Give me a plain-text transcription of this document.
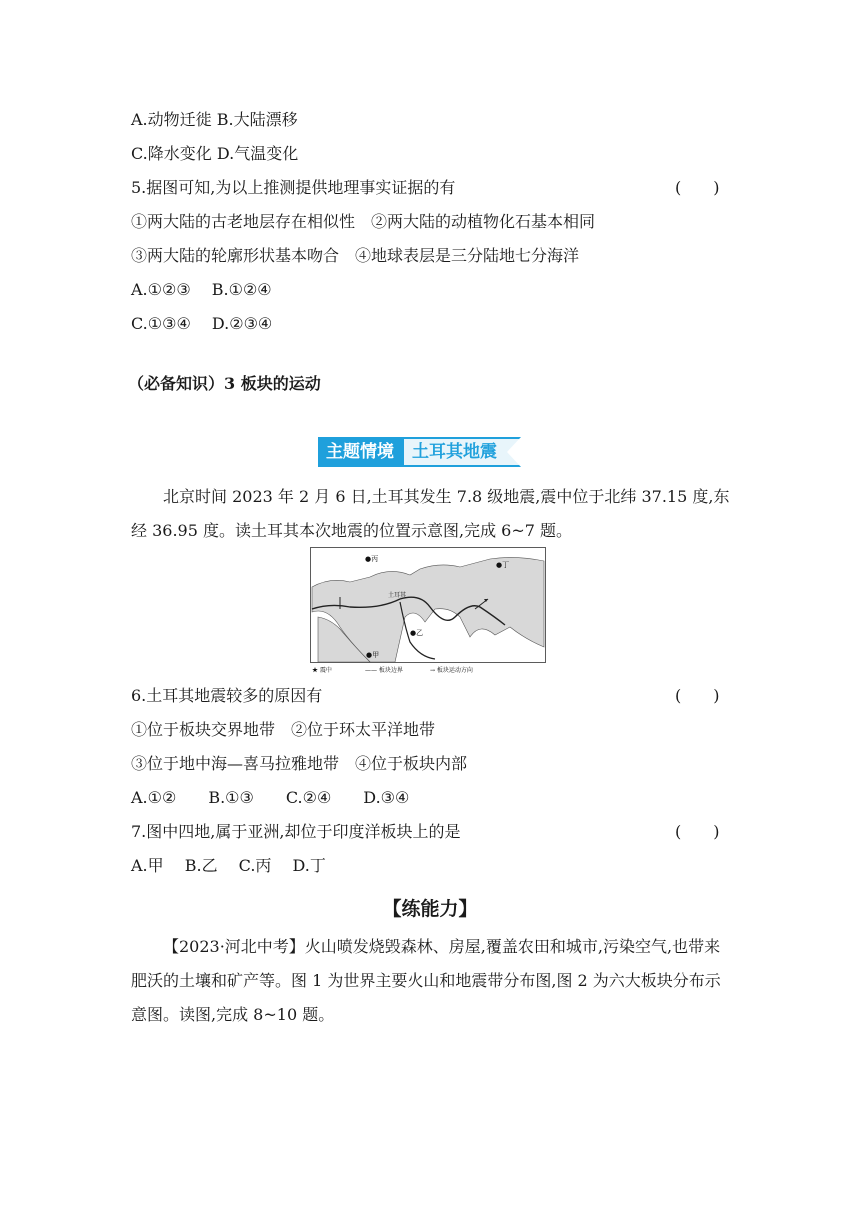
A.动物迁徙 B.大陆漂移
C.降水变化 D.气温变化
5.据图可知,为以上推测提供地理事实证据的有	(　　)
①两大陆的古老地层存在相似性　②两大陆的动植物化石基本相同
③两大陆的轮廓形状基本吻合　④地球表层是三分陆地七分海洋
A.①②③　 B.①②④
C.①③④　 D.②③④
（必备知识）3 板块的运动
主题情境	土耳其地震
北京时间 2023 年 2 月 6 日,土耳其发生 7.8 级地震,震中位于北纬 37.15 度,东经 36.95 度。读土耳其本次地震的位置示意图,完成 6~7 题。
●丙
●丁
●乙
●甲
土耳其
★ 震中	—— 板块边界	→ 板块运动方向
6.土耳其地震较多的原因有	(　　)
①位于板块交界地带　②位于环太平洋地带
③位于地中海—喜马拉雅地带　④位于板块内部
A.①②　　B.①③　　C.②④　　D.③④
7.图中四地,属于亚洲,却位于印度洋板块上的是	(　　)
A.甲　 B.乙　 C.丙　 D.丁
【练能力】
【2023·河北中考】火山喷发烧毁森林、房屋,覆盖农田和城市,污染空气,也带来肥沃的土壤和矿产等。图 1 为世界主要火山和地震带分布图,图 2 为六大板块分布示意图。读图,完成 8~10 题。
